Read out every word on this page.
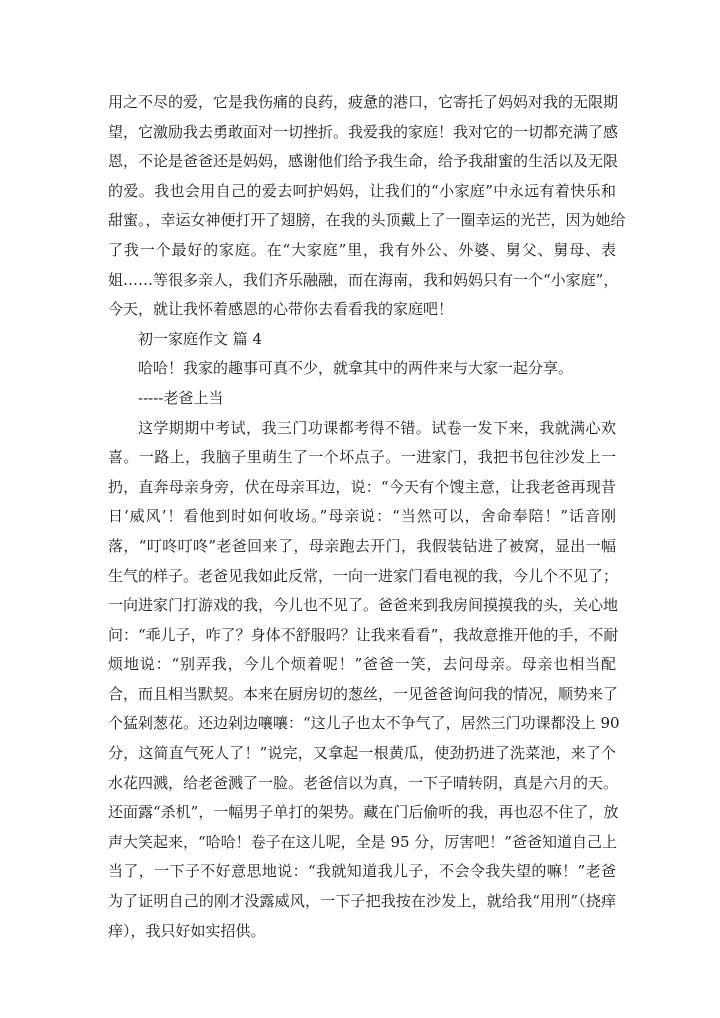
用之不尽的爱，它是我伤痛的良药，疲惫的港口，它寄托了妈妈对我的无限期
望，它激励我去勇敢面对一切挫折。我爱我的家庭！我对它的一切都充满了感
恩，不论是爸爸还是妈妈，感谢他们给予我生命，给予我甜蜜的生活以及无限
的爱。我也会用自己的爱去呵护妈妈，让我们的“小家庭”中永远有着快乐和
甜蜜。，幸运女神便打开了翅膀，在我的头顶戴上了一圈幸运的光芒，因为她给
了我一个最好的家庭。在“大家庭”里，我有外公、外婆、舅父、舅母、表
姐……等很多亲人，我们齐乐融融，而在海南，我和妈妈只有一个“小家庭”，
今天，就让我怀着感恩的心带你去看看我的家庭吧！
初一家庭作文 篇 4
哈哈！我家的趣事可真不少，就拿其中的两件来与大家一起分享。
-----老爸上当
这学期期中考试，我三门功课都考得不错。试卷一发下来，我就满心欢
喜。一路上，我脑子里萌生了一个坏点子。一进家门，我把书包往沙发上一
扔，直奔母亲身旁，伏在母亲耳边，说：“今天有个馊主意，让我老爸再现昔
日‘威风’！看他到时如何收场。”母亲说：“当然可以，舍命奉陪！”话音刚
落，“叮咚叮咚”老爸回来了，母亲跑去开门，我假装钻进了被窝，显出一幅
生气的样子。老爸见我如此反常，一向一进家门看电视的我，今儿个不见了；
一向进家门打游戏的我，今儿也不见了。爸爸来到我房间摸摸我的头，关心地
问：“乖儿子，咋了？身体不舒服吗？让我来看看”，我故意推开他的手，不耐
烦地说：“别弄我，今儿个烦着呢！”爸爸一笑，去问母亲。母亲也相当配
合，而且相当默契。本来在厨房切的葱丝，一见爸爸询问我的情况，顺势来了
个猛剁葱花。还边剁边嚷嚷：“这儿子也太不争气了，居然三门功课都没上 90
分，这简直气死人了！”说完，又拿起一根黄瓜，使劲扔进了洗菜池，来了个
水花四溅，给老爸溅了一脸。老爸信以为真，一下子晴转阴，真是六月的天。
还面露“杀机”，一幅男子单打的架势。藏在门后偷听的我，再也忍不住了，放
声大笑起来，“哈哈！卷子在这儿呢，全是 95 分，厉害吧！”爸爸知道自己上
当了，一下子不好意思地说：“我就知道我儿子，不会令我失望的嘛！”老爸
为了证明自己的刚才没露威风，一下子把我按在沙发上，就给我“用刑”（挠痒
痒），我只好如实招供。
